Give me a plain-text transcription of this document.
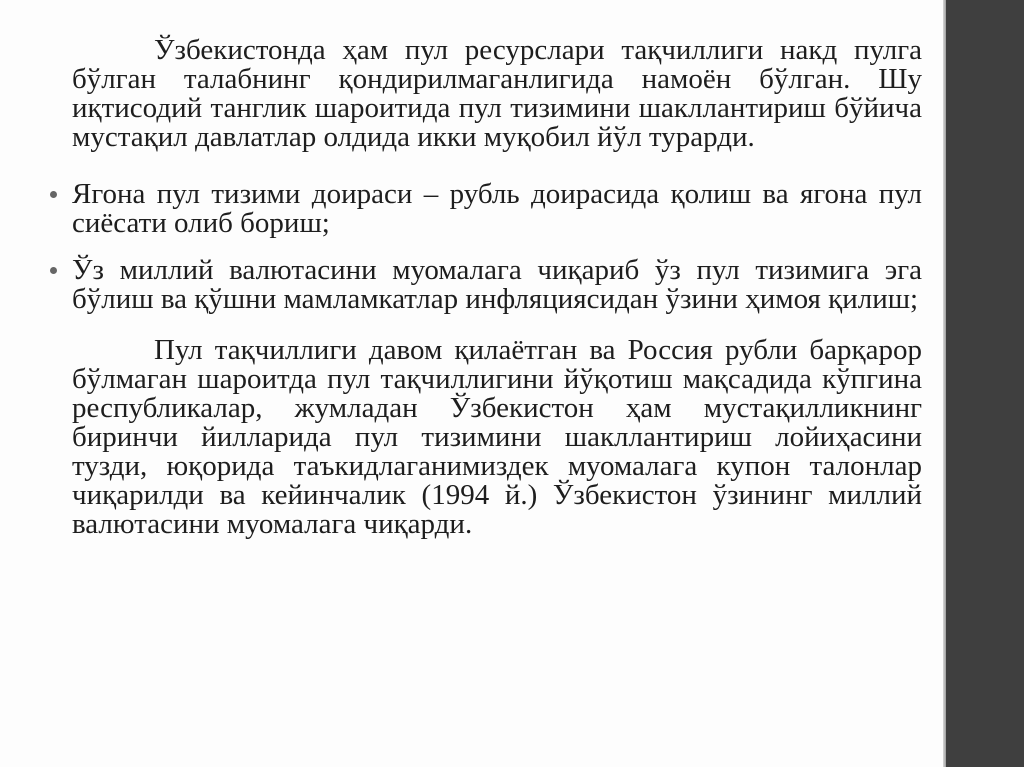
Ўзбекистонда ҳам пул ресурслари тақчиллиги накд пулга бўлган талабнинг қондирилмаганлигида намоён бўлган. Шу иқтисодий танглик шароитида пул тизимини шакллантириш бўйича мустақил давлатлар олдида икки муқобил йўл турарди.

Ягона пул тизими доираси – рубль доирасида қолиш ва ягона пул сиёсати олиб бориш;
Ўз миллий валютасини муомалага чиқариб ўз пул тизимига эга бўлиш ва қўшни мамламкатлар инфляциясидан ўзини ҳимоя қилиш;

Пул тақчиллиги давом қилаётган ва Россия рубли барқарор бўлмаган шароитда пул тақчиллигини йўқотиш мақсадида кўпгина республикалар, жумладан Ўзбекистон ҳам мустақилликнинг биринчи йилларида пул тизимини шакллантириш лойиҳасини тузди, юқорида таъкидлаганимиздек муомалага купон талонлар чиқарилди ва кейинчалик (1994 й.) Ўзбекистон ўзининг миллий валютасини муомалага чиқарди.
